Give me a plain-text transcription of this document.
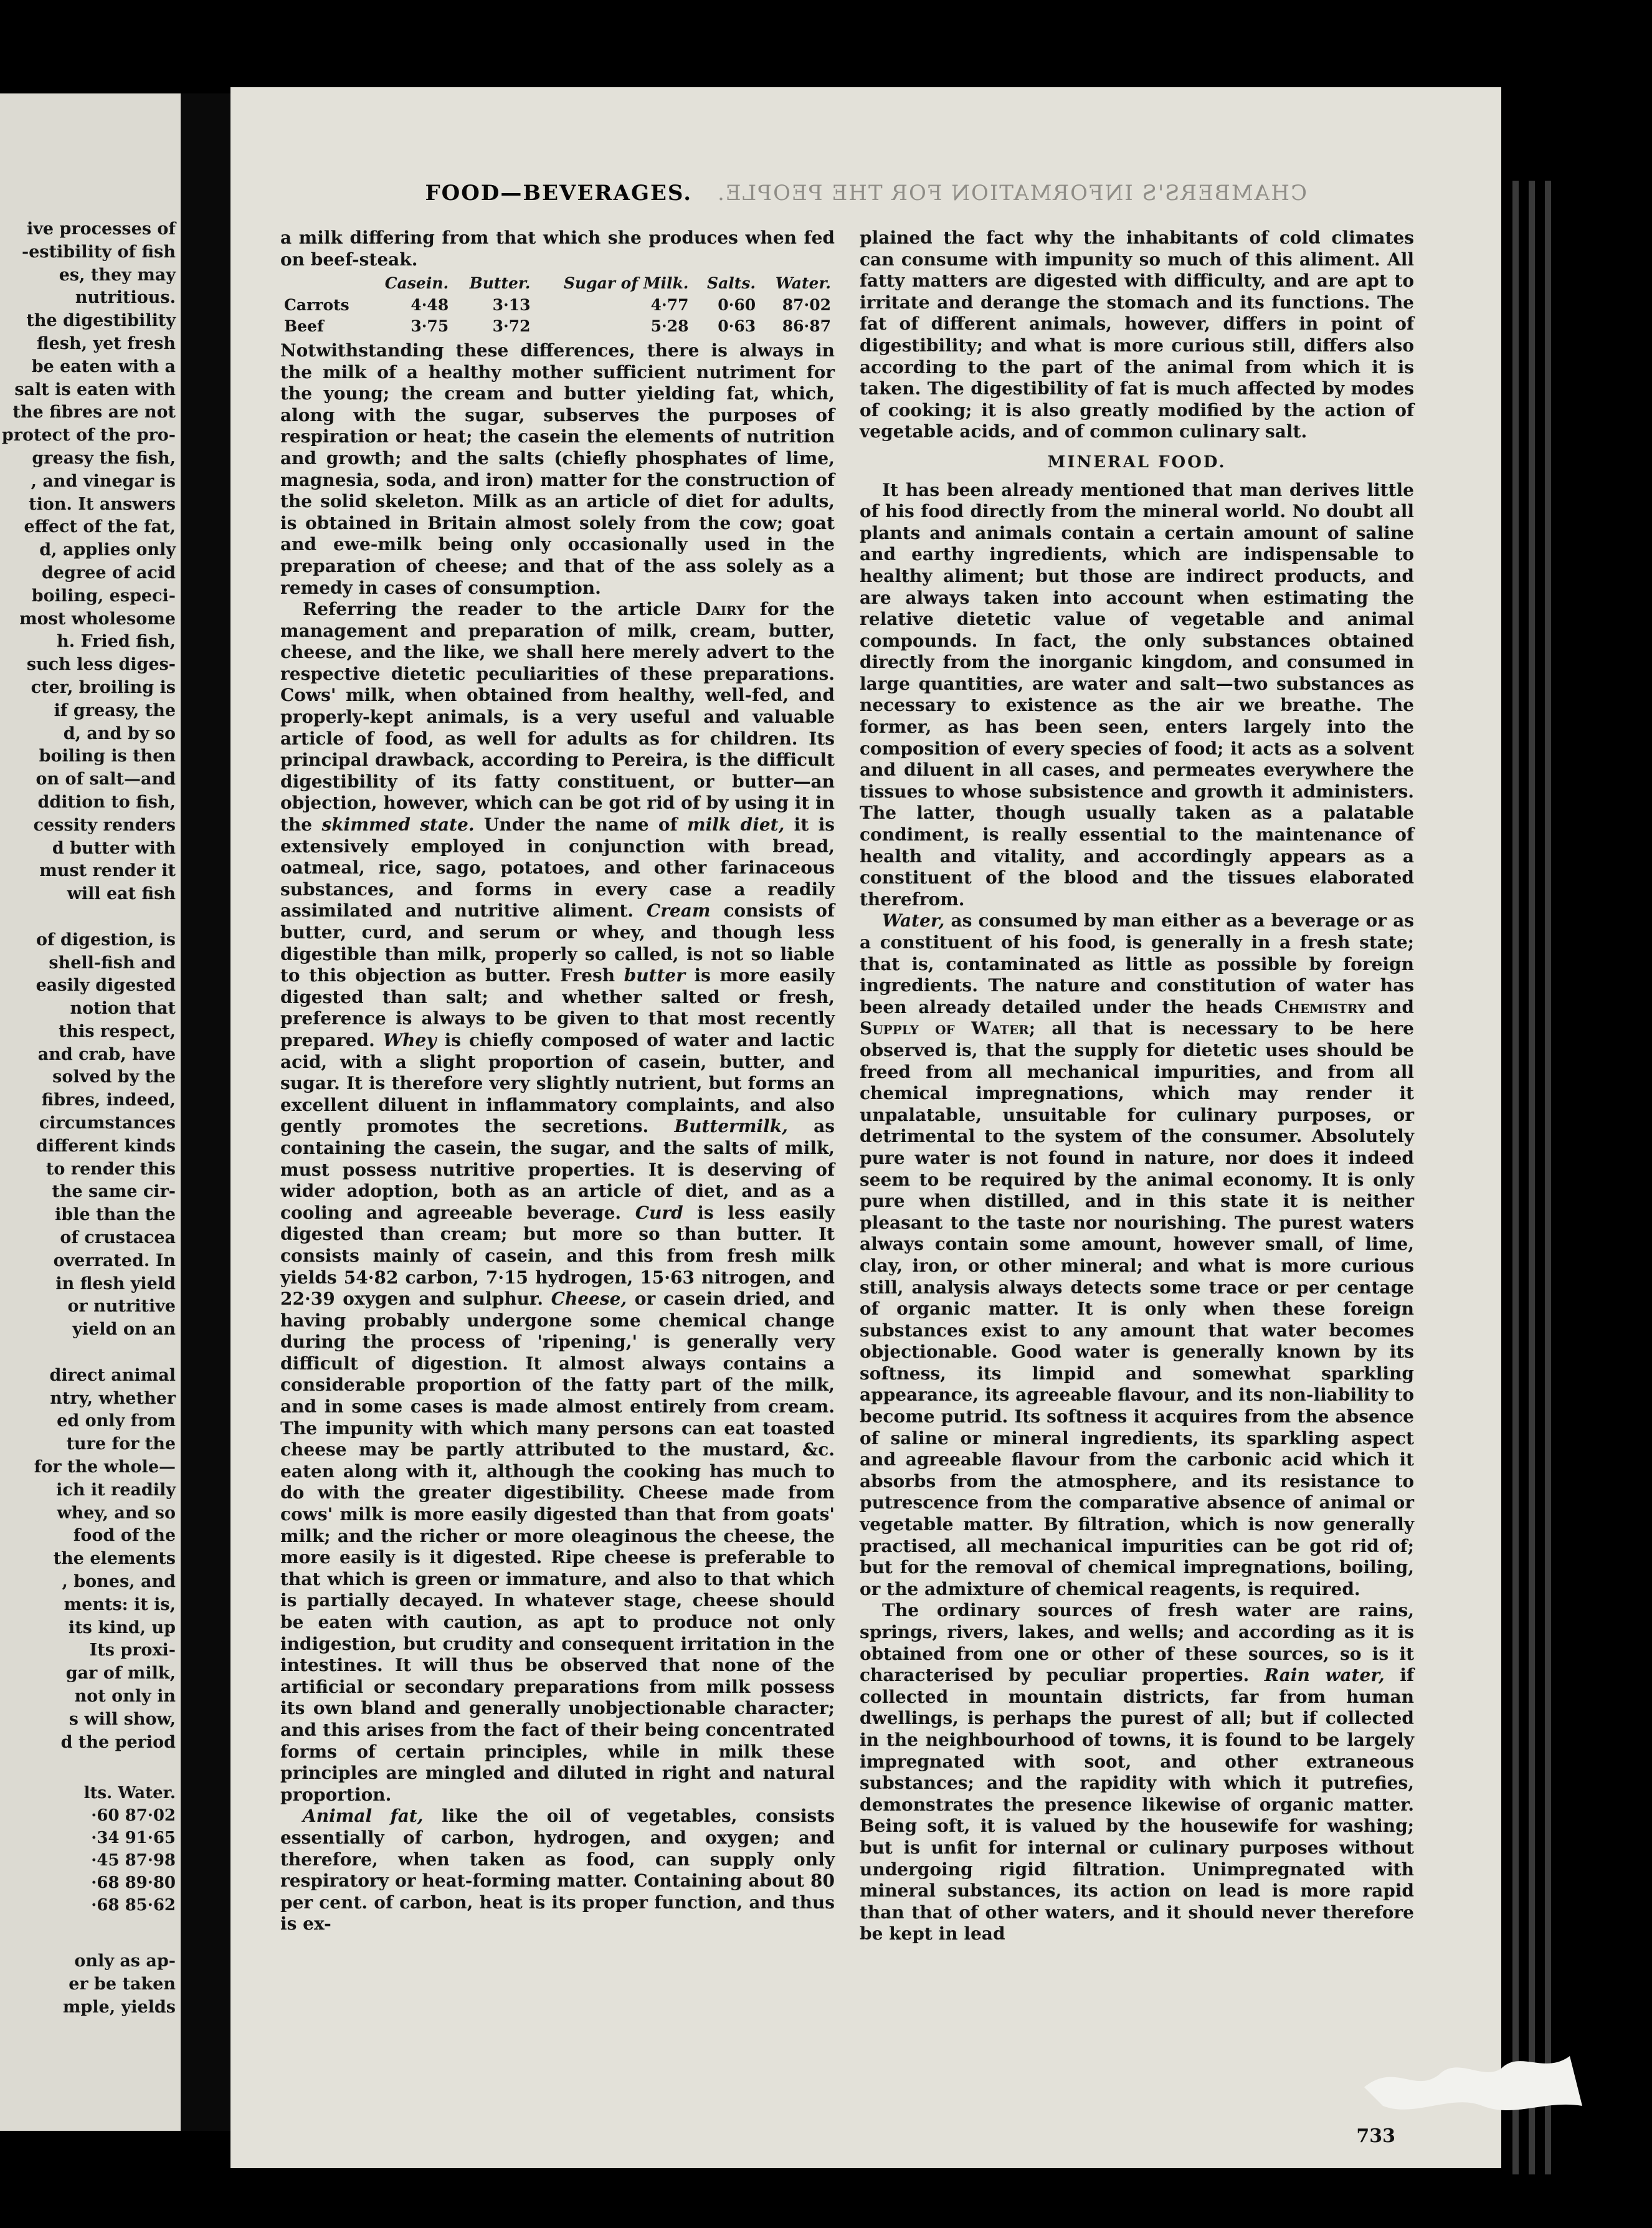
ive processes of
-estibility of fish
es, they may
nutritious.
the digestibility
flesh, yet fresh
be eaten with a
salt is eaten with
the fibres are not
protect of the pro-
greasy the fish,
, and vinegar is
tion. It answers
effect of the fat,
d, applies only
degree of acid
boiling, especi-
most wholesome
h. Fried fish,
such less diges-
cter, broiling is
if greasy, the
d, and by so
boiling is then
on of salt—and
ddition to fish,
cessity renders
d butter with
must render it
will eat fish

of digestion, is
shell-fish and
easily digested
notion that
this respect,
and crab, have
solved by the
fibres, indeed,
circumstances
different kinds
to render this
the same cir-
ible than the
of crustacea
overrated. In
in flesh yield
or nutritive
yield on an

direct animal
ntry, whether
ed only from
ture for the
for the whole—
ich it readily
whey, and so
food of the
the elements
, bones, and
ments: it is,
its kind, up
Its proxi-
gar of milk,
not only in
s will show,
d the period
lts. Water.
·60 87·02
·34 91·65
·45 87·98
·68 89·80
·68 85·62
only as ap-
er be taken
mple, yields
FOOD—BEVERAGES. CHAMBERS'S INFORMATION FOR THE PEOPLE.

a milk differing from that which she produces when fed on beef-steak.

	Casein.	Butter.	Sugar of Milk.	Salts.	Water.
Carrots	4·48	3·13	4·77	0·60	87·02
Beef	3·75	3·72	5·28	0·63	86·87

Notwithstanding these differences, there is always in the milk of a healthy mother sufficient nutriment for the young; the cream and butter yielding fat, which, along with the sugar, subserves the purposes of respiration or heat; the casein the elements of nutrition and growth; and the salts (chiefly phosphates of lime, magnesia, soda, and iron) matter for the construction of the solid skeleton. Milk as an article of diet for adults, is obtained in Britain almost solely from the cow; goat and ewe-milk being only occasionally used in the preparation of cheese; and that of the ass solely as a remedy in cases of consumption.

Referring the reader to the article Dairy for the management and preparation of milk, cream, butter, cheese, and the like, we shall here merely advert to the respective dietetic peculiarities of these preparations. Cows' milk, when obtained from healthy, well-fed, and properly-kept animals, is a very useful and valuable article of food, as well for adults as for children. Its principal drawback, according to Pereira, is the difficult digestibility of its fatty constituent, or butter—an objection, however, which can be got rid of by using it in the skimmed state. Under the name of milk diet, it is extensively employed in conjunction with bread, oatmeal, rice, sago, potatoes, and other farinaceous substances, and forms in every case a readily assimilated and nutritive aliment. Cream consists of butter, curd, and serum or whey, and though less digestible than milk, properly so called, is not so liable to this objection as butter. Fresh butter is more easily digested than salt; and whether salted or fresh, preference is always to be given to that most recently prepared. Whey is chiefly composed of water and lactic acid, with a slight proportion of casein, butter, and sugar. It is therefore very slightly nutrient, but forms an excellent diluent in inflammatory complaints, and also gently promotes the secretions. Buttermilk, as containing the casein, the sugar, and the salts of milk, must possess nutritive properties. It is deserving of wider adoption, both as an article of diet, and as a cooling and agreeable beverage. Curd is less easily digested than cream; but more so than butter. It consists mainly of casein, and this from fresh milk yields 54·82 carbon, 7·15 hydrogen, 15·63 nitrogen, and 22·39 oxygen and sulphur. Cheese, or casein dried, and having probably undergone some chemical change during the process of 'ripening,' is generally very difficult of digestion. It almost always contains a considerable proportion of the fatty part of the milk, and in some cases is made almost entirely from cream. The impunity with which many persons can eat toasted cheese may be partly attributed to the mustard, &c. eaten along with it, although the cooking has much to do with the greater digestibility. Cheese made from cows' milk is more easily digested than that from goats' milk; and the richer or more oleaginous the cheese, the more easily is it digested. Ripe cheese is preferable to that which is green or immature, and also to that which is partially decayed. In whatever stage, cheese should be eaten with caution, as apt to produce not only indigestion, but crudity and consequent irritation in the intestines. It will thus be observed that none of the artificial or secondary preparations from milk possess its own bland and generally unobjectionable character; and this arises from the fact of their being concentrated forms of certain principles, while in milk these principles are mingled and diluted in right and natural proportion.

Animal fat, like the oil of vegetables, consists essentially of carbon, hydrogen, and oxygen; and therefore, when taken as food, can supply only respiratory or heat-forming matter. Containing about 80 per cent. of carbon, heat is its proper function, and thus is ex-

plained the fact why the inhabitants of cold climates can consume with impunity so much of this aliment. All fatty matters are digested with difficulty, and are apt to irritate and derange the stomach and its functions. The fat of different animals, however, differs in point of digestibility; and what is more curious still, differs also according to the part of the animal from which it is taken. The digestibility of fat is much affected by modes of cooking; it is also greatly modified by the action of vegetable acids, and of common culinary salt.

MINERAL FOOD.

It has been already mentioned that man derives little of his food directly from the mineral world. No doubt all plants and animals contain a certain amount of saline and earthy ingredients, which are indispensable to healthy aliment; but those are indirect products, and are always taken into account when estimating the relative dietetic value of vegetable and animal compounds. In fact, the only substances obtained directly from the inorganic kingdom, and consumed in large quantities, are water and salt—two substances as necessary to existence as the air we breathe. The former, as has been seen, enters largely into the composition of every species of food; it acts as a solvent and diluent in all cases, and permeates everywhere the tissues to whose subsistence and growth it administers. The latter, though usually taken as a palatable condiment, is really essential to the maintenance of health and vitality, and accordingly appears as a constituent of the blood and the tissues elaborated therefrom.

Water, as consumed by man either as a beverage or as a constituent of his food, is generally in a fresh state; that is, contaminated as little as possible by foreign ingredients. The nature and constitution of water has been already detailed under the heads Chemistry and Supply of Water; all that is necessary to be here observed is, that the supply for dietetic uses should be freed from all mechanical impurities, and from all chemical impregnations, which may render it unpalatable, unsuitable for culinary purposes, or detrimental to the system of the consumer. Absolutely pure water is not found in nature, nor does it indeed seem to be required by the animal economy. It is only pure when distilled, and in this state it is neither pleasant to the taste nor nourishing. The purest waters always contain some amount, however small, of lime, clay, iron, or other mineral; and what is more curious still, analysis always detects some trace or per centage of organic matter. It is only when these foreign substances exist to any amount that water becomes objectionable. Good water is generally known by its softness, its limpid and somewhat sparkling appearance, its agreeable flavour, and its non-liability to become putrid. Its softness it acquires from the absence of saline or mineral ingredients, its sparkling aspect and agreeable flavour from the carbonic acid which it absorbs from the atmosphere, and its resistance to putrescence from the comparative absence of animal or vegetable matter. By filtration, which is now generally practised, all mechanical impurities can be got rid of; but for the removal of chemical impregnations, boiling, or the admixture of chemical reagents, is required.

The ordinary sources of fresh water are rains, springs, rivers, lakes, and wells; and according as it is obtained from one or other of these sources, so is it characterised by peculiar properties. Rain water, if collected in mountain districts, far from human dwellings, is perhaps the purest of all; but if collected in the neighbourhood of towns, it is found to be largely impregnated with soot, and other extraneous substances; and the rapidity with which it putrefies, demonstrates the presence likewise of organic matter. Being soft, it is valued by the housewife for washing; but is unfit for internal or culinary purposes without undergoing rigid filtration. Unimpregnated with mineral substances, its action on lead is more rapid than that of other waters, and it should never therefore be kept in lead

733
